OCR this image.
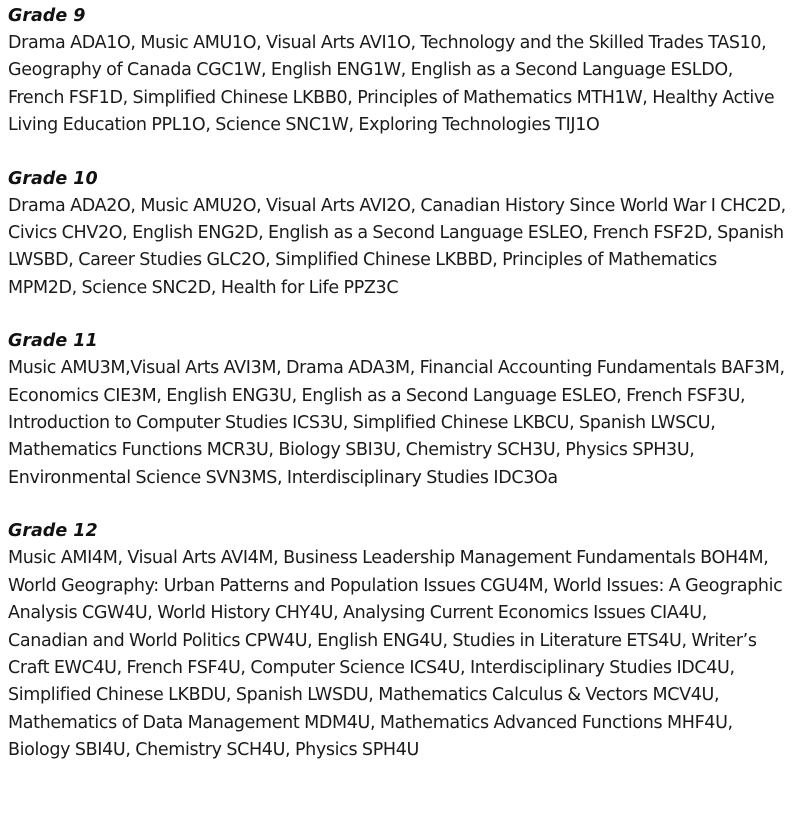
Grade 9

Drama ADA1O, Music AMU1O, Visual Arts AVI1O, Technology and the Skilled Trades TAS10, Geography of Canada CGC1W, English ENG1W, English as a Second Language ESLDO, French FSF1D, Simplified Chinese LKBB0, Principles of Mathematics MTH1W, Healthy Active Living Education PPL1O, Science SNC1W, Exploring Technologies TIJ1O

Grade 10

Drama ADA2O, Music AMU2O, Visual Arts AVI2O, Canadian History Since World War I CHC2D, Civics CHV2O, English ENG2D, English as a Second Language ESLEO, French FSF2D, Spanish LWSBD, Career Studies GLC2O, Simplified Chinese LKBBD, Principles of Mathematics MPM2D, Science SNC2D, Health for Life PPZ3C

Grade 11

Music AMU3M,Visual Arts AVI3M, Drama ADA3M, Financial Accounting Fundamentals BAF3M, Economics CIE3M, English ENG3U, English as a Second Language ESLEO, French FSF3U, Introduction to Computer Studies ICS3U, Simplified Chinese LKBCU, Spanish LWSCU, Mathematics Functions MCR3U, Biology SBI3U, Chemistry SCH3U, Physics SPH3U, Environmental Science SVN3MS, Interdisciplinary Studies IDC3Oa

Grade 12

Music AMI4M, Visual Arts AVI4M, Business Leadership Management Fundamentals BOH4M, World Geography: Urban Patterns and Population Issues CGU4M, World Issues: A Geographic Analysis CGW4U, World History CHY4U, Analysing Current Economics Issues CIA4U, Canadian and World Politics CPW4U, English ENG4U, Studies in Literature ETS4U, Writer’s Craft EWC4U, French FSF4U, Computer Science ICS4U, Interdisciplinary Studies IDC4U, Simplified Chinese LKBDU, Spanish LWSDU, Mathematics Calculus & Vectors MCV4U, Mathematics of Data Management MDM4U, Mathematics Advanced Functions MHF4U, Biology SBI4U, Chemistry SCH4U, Physics SPH4U
